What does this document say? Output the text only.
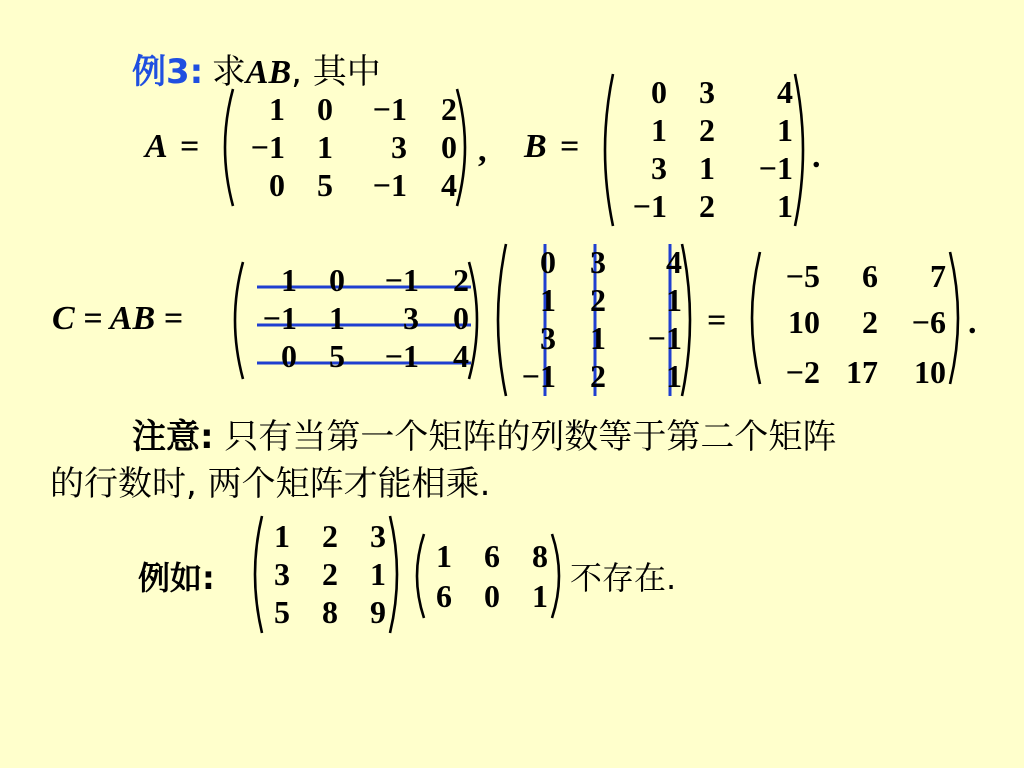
例3: 求AB, 其中
A =
1	0	−1	2
−1	1	3	0
0	5	−1	4
, B =
0	3	4
1	2	1
3	1	−1
−1	2	1
.
C = AB =
1	0	−1	2
−1	1	3	0
0	5	−1	4
0	3	4
1	2	1
3	1	−1
−1	2	1
=
−5	6	7
10	2	−6
−2 17	10
.
注意: 只有当第一个矩阵的列数等于第二个矩阵
的行数时, 两个矩阵才能相乘.
例如:
1	2	3
3	2	1
5	8	9
1	6	8
6	0	1 不存在.
